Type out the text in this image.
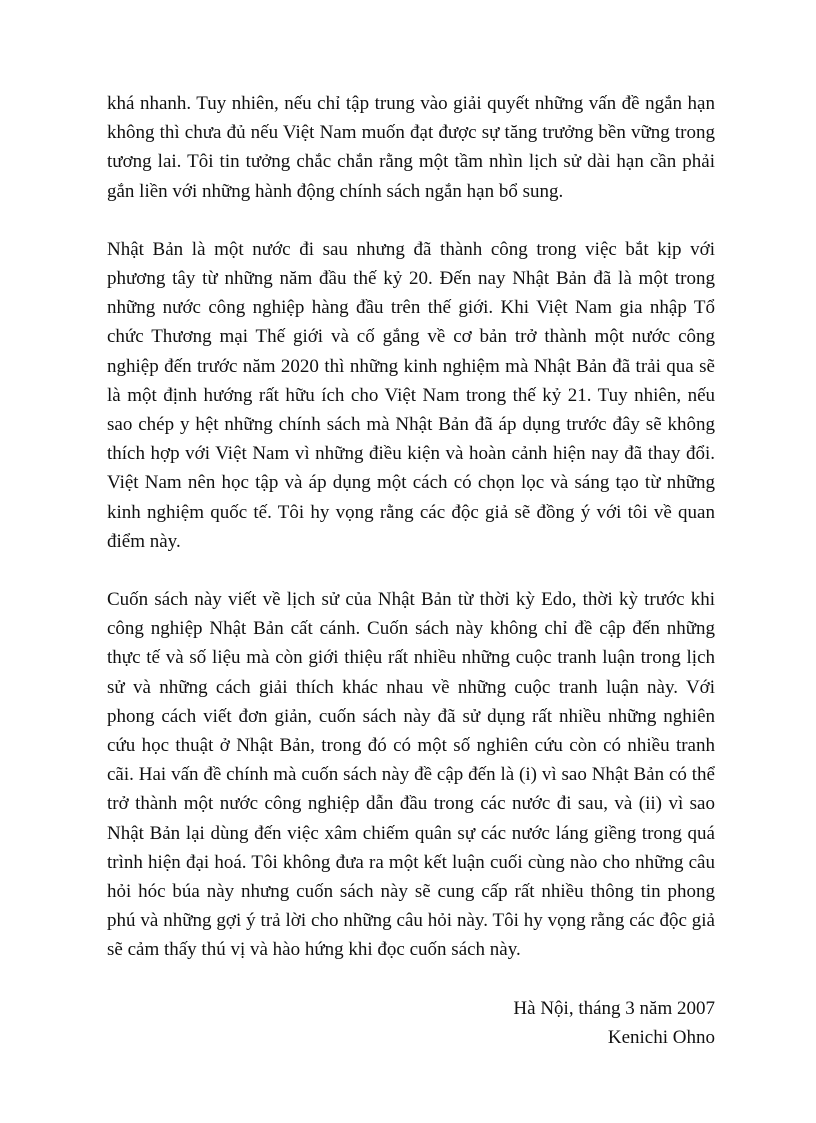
khá nhanh. Tuy nhiên, nếu chỉ tập trung vào giải quyết những vấn đề ngắn hạn không thì chưa đủ nếu Việt Nam muốn đạt được sự tăng trưởng bền vững trong tương lai. Tôi tin tưởng chắc chắn rằng một tầm nhìn lịch sử dài hạn cần phải gắn liền với những hành động chính sách ngắn hạn bổ sung.

Nhật Bản là một nước đi sau nhưng đã thành công trong việc bắt kịp với phương tây từ những năm đầu thế kỷ 20. Đến nay Nhật Bản đã là một trong những nước công nghiệp hàng đầu trên thế giới. Khi Việt Nam gia nhập Tổ chức Thương mại Thế giới và cố gắng về cơ bản trở thành một nước công nghiệp đến trước năm 2020 thì những kinh nghiệm mà Nhật Bản đã trải qua sẽ là một định hướng rất hữu ích cho Việt Nam trong thế kỷ 21. Tuy nhiên, nếu sao chép y hệt những chính sách mà Nhật Bản đã áp dụng trước đây sẽ không thích hợp với Việt Nam vì những điều kiện và hoàn cảnh hiện nay đã thay đổi. Việt Nam nên học tập và áp dụng một cách có chọn lọc và sáng tạo từ những kinh nghiệm quốc tế. Tôi hy vọng rằng các độc giả sẽ đồng ý với tôi về quan điểm này.

Cuốn sách này viết về lịch sử của Nhật Bản từ thời kỳ Edo, thời kỳ trước khi công nghiệp Nhật Bản cất cánh. Cuốn sách này không chỉ đề cập đến những thực tế và số liệu mà còn giới thiệu rất nhiều những cuộc tranh luận trong lịch sử và những cách giải thích khác nhau về những cuộc tranh luận này. Với phong cách viết đơn giản, cuốn sách này đã sử dụng rất nhiều những nghiên cứu học thuật ở Nhật Bản, trong đó có một số nghiên cứu còn có nhiều tranh cãi. Hai vấn đề chính mà cuốn sách này đề cập đến là (i) vì sao Nhật Bản có thể trở thành một nước công nghiệp dẫn đầu trong các nước đi sau, và (ii) vì sao Nhật Bản lại dùng đến việc xâm chiếm quân sự các nước láng giềng trong quá trình hiện đại hoá. Tôi không đưa ra một kết luận cuối cùng nào cho những câu hỏi hóc búa này nhưng cuốn sách này sẽ cung cấp rất nhiều thông tin phong phú và những gợi ý trả lời cho những câu hỏi này. Tôi hy vọng rằng các độc giả sẽ cảm thấy thú vị và hào hứng khi đọc cuốn sách này.

Hà Nội, tháng 3 năm 2007
Kenichi Ohno
